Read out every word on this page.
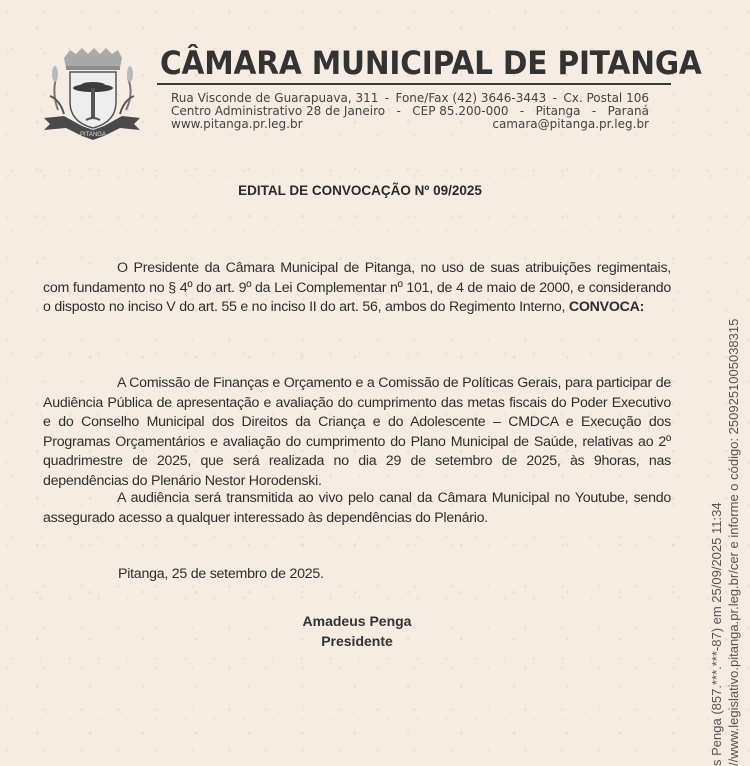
PITANGA
CÂMARA MUNICIPAL DE PITANGA
Rua Visconde de Guarapuava, 311 - Fone/Fax (42) 3646-3443 - Cx. Postal 106
Centro Administrativo 28 de Janeiro - CEP 85.200-000 - Pitanga - Paraná
www.pitanga.pr.leg.br	camara@pitanga.pr.leg.br
EDITAL DE CONVOCAÇÃO Nº 09/2025
O Presidente da Câmara Municipal de Pitanga, no uso de suas atribuições regimentais, com fundamento no § 4º do art. 9º da Lei Complementar nº 101, de 4 de maio de 2000, e considerando o disposto no inciso V do art. 55 e no inciso II do art. 56, ambos do Regimento Interno, CONVOCA:
A Comissão de Finanças e Orçamento e a Comissão de Políticas Gerais, para participar de Audiência Pública de apresentação e avaliação do cumprimento das metas fiscais do Poder Executivo e do Conselho Municipal dos Direitos da Criança e do Adolescente – CMDCA e Execução dos Programas Orçamentários e avaliação do cumprimento do Plano Municipal de Saúde, relativas ao 2º quadrimestre de 2025, que será realizada no dia 29 de setembro de 2025, às 9horas, nas dependências do Plenário Nestor Horodenski.
A audiência será transmitida ao vivo pelo canal da Câmara Municipal no Youtube, sendo assegurado acesso a qualquer interessado às dependências do Plenário.
Pitanga, 25 de setembro de 2025.
Amadeus Penga
Presidente	s Penga (857.***.***-87) em 25/09/2025 11:34 //www.legislativo.pitanga.pr.leg.br/cer e informe o código: 2509251005038315
